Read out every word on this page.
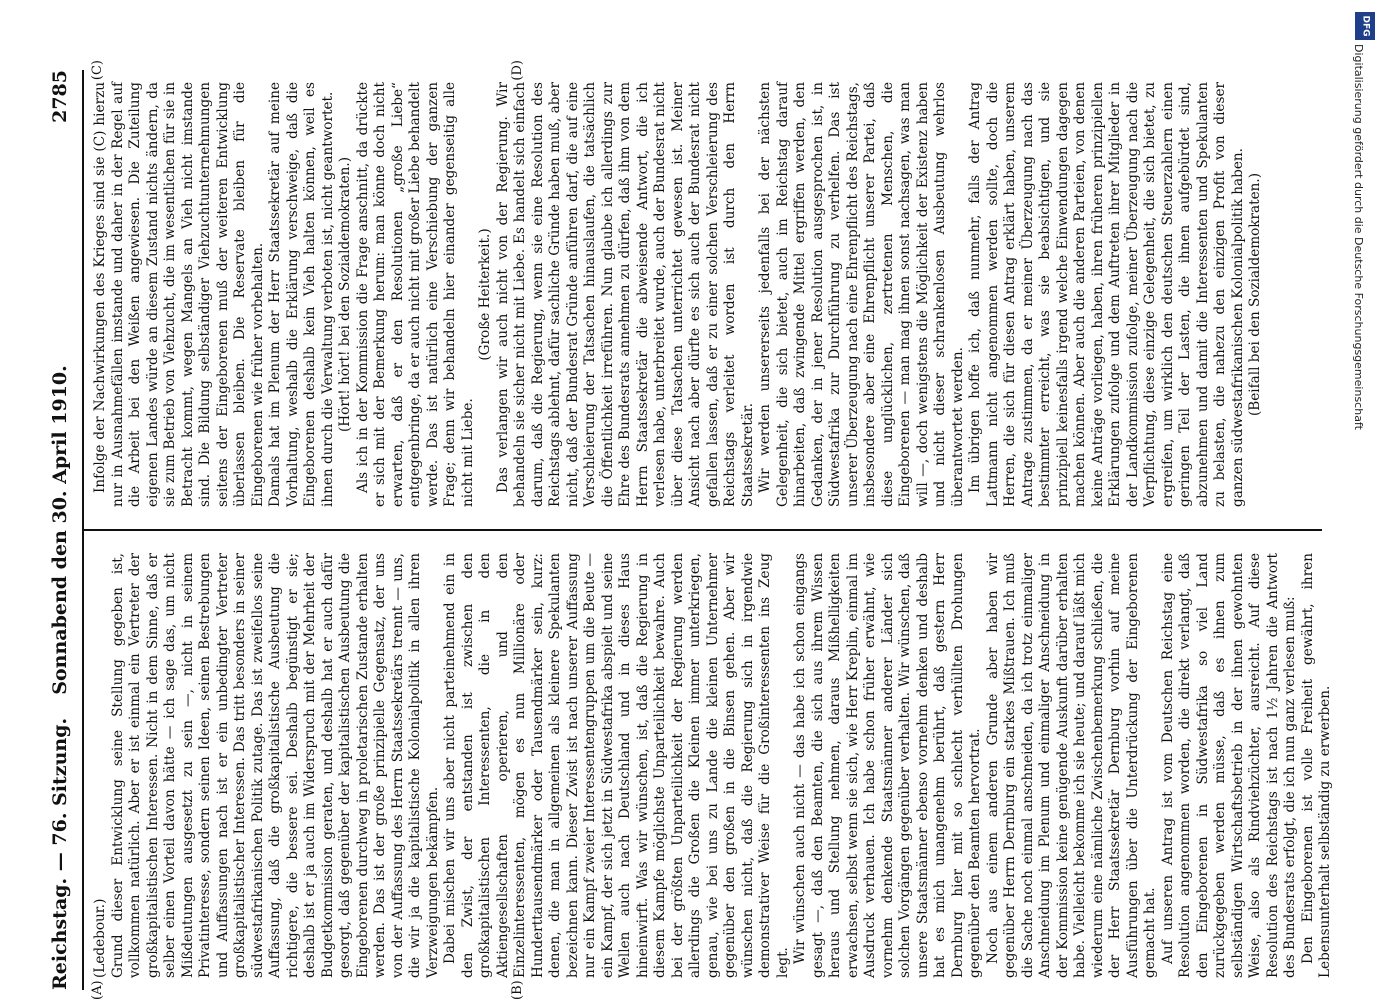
Reichstag. — 76. Sitzung.
Sonnabend den 30. April 1910.
2785
(A)	(B)
(C)	(D)

(Ledebour.) Grund dieser Entwicklung seine Stellung gegeben ist, vollkommen natürlich. Aber er ist einmal ein Vertreter der großkapitalistischen Interessen. Nicht in dem Sinne, daß er selber einen Vorteil davon hätte — ich sage das, um nicht Mißdeutungen ausgesetzt zu sein —, nicht in seinem Privatinteresse, sondern seinen Ideen, seinen Bestrebungen und Auffassungen nach ist er ein unbedingter Vertreter großkapitalistischer Interessen. Das tritt besonders in seiner südwestafrikanischen Politik zutage. Das ist zweifellos seine Auffassung, daß die großkapitalistische Ausbeutung die richtigere, die bessere sei. Deshalb begünstigt er sie; deshalb ist er ja auch im Widerspruch mit der Mehrheit der Budgetkommission geraten, und deshalb hat er auch dafür gesorgt, daß gegenüber der kapitalistischen Ausbeutung die Eingeborenen durchweg in proletarischen Zustande erhalten werden. Das ist der große prinzipielle Gegensatz, der uns von der Auffassung des Herrn Staatssekretärs trennt — uns, die wir ja die kapitalistische Kolonialpolitik in allen ihren Verzweigungen bekämpfen. Dabei mischen wir uns aber nicht parteinehmend ein in den Zwist, der entstanden ist zwischen den großkapitalistischen Interessenten, die in den Aktiengesellschaften operieren, und den Einzelinteressenten, mögen es nun Millionäre oder Hunderttausendmärker oder Tausendmärker sein, kurz: denen, die man in allgemeinen als kleinere Spekulanten bezeichnen kann. Dieser Zwist ist nach unserer Auffassung nur ein Kampf zweier Interessentengruppen um die Beute — ein Kampf, der sich jetzt in Südwestafrika abspielt und seine Wellen auch nach Deutschland und in dieses Haus hineinwirft. Was wir wünschen, ist, daß die Regierung in diesem Kampfe möglichste Unparteilichkeit bewahre. Auch bei der größten Unparteilichkeit der Regierung werden allerdings die Großen die Kleinen immer unterkriegen, genau, wie bei uns zu Lande die kleinen Unternehmer gegenüber den großen in die Binsen gehen. Aber wir wünschen nicht, daß die Regierung sich in irgendwie demonstrativer Weise für die Großinteressenten ins Zeug legt. Wir wünschen auch nicht — das habe ich schon eingangs gesagt —, daß den Beamten, die sich aus ihrem Wissen heraus und Stellung nehmen, daraus Mißhelligkeiten erwachsen, selbst wenn sie sich, wie Herr Kreplin, einmal im Ausdruck verhauen. Ich habe schon früher erwähnt, wie vornehm denkende Staatsmänner anderer Länder sich solchen Vorgängen gegenüber verhalten. Wir wünschen, daß unsere Staatsmänner ebenso vornehm denken und deshalb hat es mich unangenehm berührt, daß gestern Herr Dernburg hier mit so schlecht verhüllten Drohungen gegenüber den Beamten hervortrat. Noch aus einem anderen Grunde aber haben wir gegenüber Herrn Dernburg ein starkes Mißtrauen. Ich muß die Sache noch einmal anschneiden, da ich trotz einmaliger Anschneidung im Plenum und einmaliger Anschneidung in der Kommission keine genügende Auskunft darüber erhalten habe. Vielleicht bekomme ich sie heute; und darauf läßt mich wiederum eine nämliche Zwischenbemerkung schließen, die der Herr Staatssekretär Dernburg vorhin auf meine Ausführungen über die Unterdrückung der Eingeborenen gemacht hat. Auf unseren Antrag ist vom Deutschen Reichstag eine Resolution angenommen worden, die direkt verlangt, daß den Eingeborenen in Südwestafrika so viel Land zurückgegeben werden müsse, daß es ihnen zum selbständigen Wirtschaftsbetrieb in der ihnen gewohnten Weise, also als Rindviehzüchter, ausreicht. Auf diese Resolution des Reichstags ist nach 1½ Jahren die Antwort des Bundesrats erfolgt, die ich nun ganz verlesen muß: Den Eingeborenen ist volle Freiheit gewährt, ihren Lebensunterhalt selbständig zu erwerben.

Infolge der Nachwirkungen des Krieges sind sie (C) hierzu nur in Ausnahmefällen imstande und daher in der Regel auf die Arbeit bei den Weißen angewiesen. Die Zuteilung eigenen Landes würde an diesem Zustand nichts ändern, da sie zum Betrieb von Viehzucht, die im wesentlichen für sie in Betracht kommt, wegen Mangels an Vieh nicht imstande sind. Die Bildung selbständiger Viehzuchtunternehmungen seitens der Eingeborenen muß der weiteren Entwicklung überlassen bleiben. Die Reservate bleiben für die Eingeborenen wie früher vorbehalten. Damals hat im Plenum der Herr Staatssekretär auf meine Vorhaltung, weshalb die Erklärung verschweige, daß die Eingeborenen deshalb kein Vieh halten können, weil es ihnen durch die Verwaltung verboten ist, nicht geantwortet. (Hört! hört! bei den Sozialdemokraten.) Als ich in der Kommission die Frage anschnitt, da drückte er sich mit der Bemerkung herum: man könne doch nicht erwarten, daß er den Resolutionen „große Liebe“ entgegenbringe, da er auch nicht mit großer Liebe behandelt werde. Das ist natürlich eine Verschiebung der ganzen Frage; denn wir behandeln hier einander gegenseitig alle nicht mit Liebe.

(Große Heiterkeit.) Das verlangen wir auch nicht von der Regierung. Wir behandeln sie sicher nicht mit Liebe. Es handelt sich einfach darum, daß die Regierung, wenn sie eine Resolution des Reichstags ablehnt, dafür sachliche Gründe haben muß, aber nicht, daß der Bundesrat Gründe anführen darf, die auf eine Verschleierung der Tatsachen hinauslaufen, die tatsächlich die Öffentlichkeit irreführen. Nun glaube ich allerdings zur Ehre des Bundesrats annehmen zu dürfen, daß ihm von dem Herrn Staatssekretär die abweisende Antwort, die ich verlesen habe, unterbreitet wurde, auch der Bundesrat nicht über diese Tatsachen unterrichtet gewesen ist. Meiner Ansicht nach aber dürfte es sich auch der Bundesrat nicht gefallen lassen, daß er zu einer solchen Verschleierung des Reichstags verleitet worden ist durch den Herrn Staatssekretär. Wir werden unsererseits jedenfalls bei der nächsten Gelegenheit, die sich bietet, auch im Reichstag darauf hinarbeiten, daß zwingende Mittel ergriffen werden, den Gedanken, der in jener Resolution ausgesprochen ist, in Südwestafrika zur Durchführung zu verhelfen. Das ist unserer Überzeugung nach eine Ehrenpflicht des Reichstags, insbesondere aber eine Ehrenpflicht unserer Partei, daß diese unglücklichen, zertretenen Menschen, die Eingeborenen — man mag ihnen sonst nachsagen, was man will —, doch wenigstens die Möglichkeit der Existenz haben und nicht dieser schrankenlosen Ausbeutung wehrlos überantwortet werden. Im übrigen hoffe ich, daß nunmehr, falls der Antrag Lattmann nicht angenommen werden sollte, doch die Herren, die sich für diesen Antrag erklärt haben, unserem Antrage zustimmen, da er meiner Überzeugung nach das bestimmter erreicht, was sie beabsichtigen, und sie prinzipiell keinesfalls irgend welche Einwendungen dagegen machen können. Aber auch die anderen Parteien, von denen keine Anträge vorliegen, haben, ihren früheren prinzipiellen Erklärungen zufolge und dem Auftreten ihrer Mitglieder in der Landkommission zufolge, meiner Überzeugung nach die Verpflichtung, diese einzige Gelegenheit, die sich bietet, zu ergreifen, um wirklich den deutschen Steuerzahlern einen geringen Teil der Lasten, die ihnen aufgebürdet sind, abzunehmen und damit die Interessenten und Spekulanten zu belasten, die nahezu den einzigen Profit von dieser ganzen südwestafrikanischen Kolonialpolitik haben. (Beifall bei den Sozialdemokraten.)

DFG
Digitalisierung gefördert durch die Deutsche Forschungsgemeinschaft
